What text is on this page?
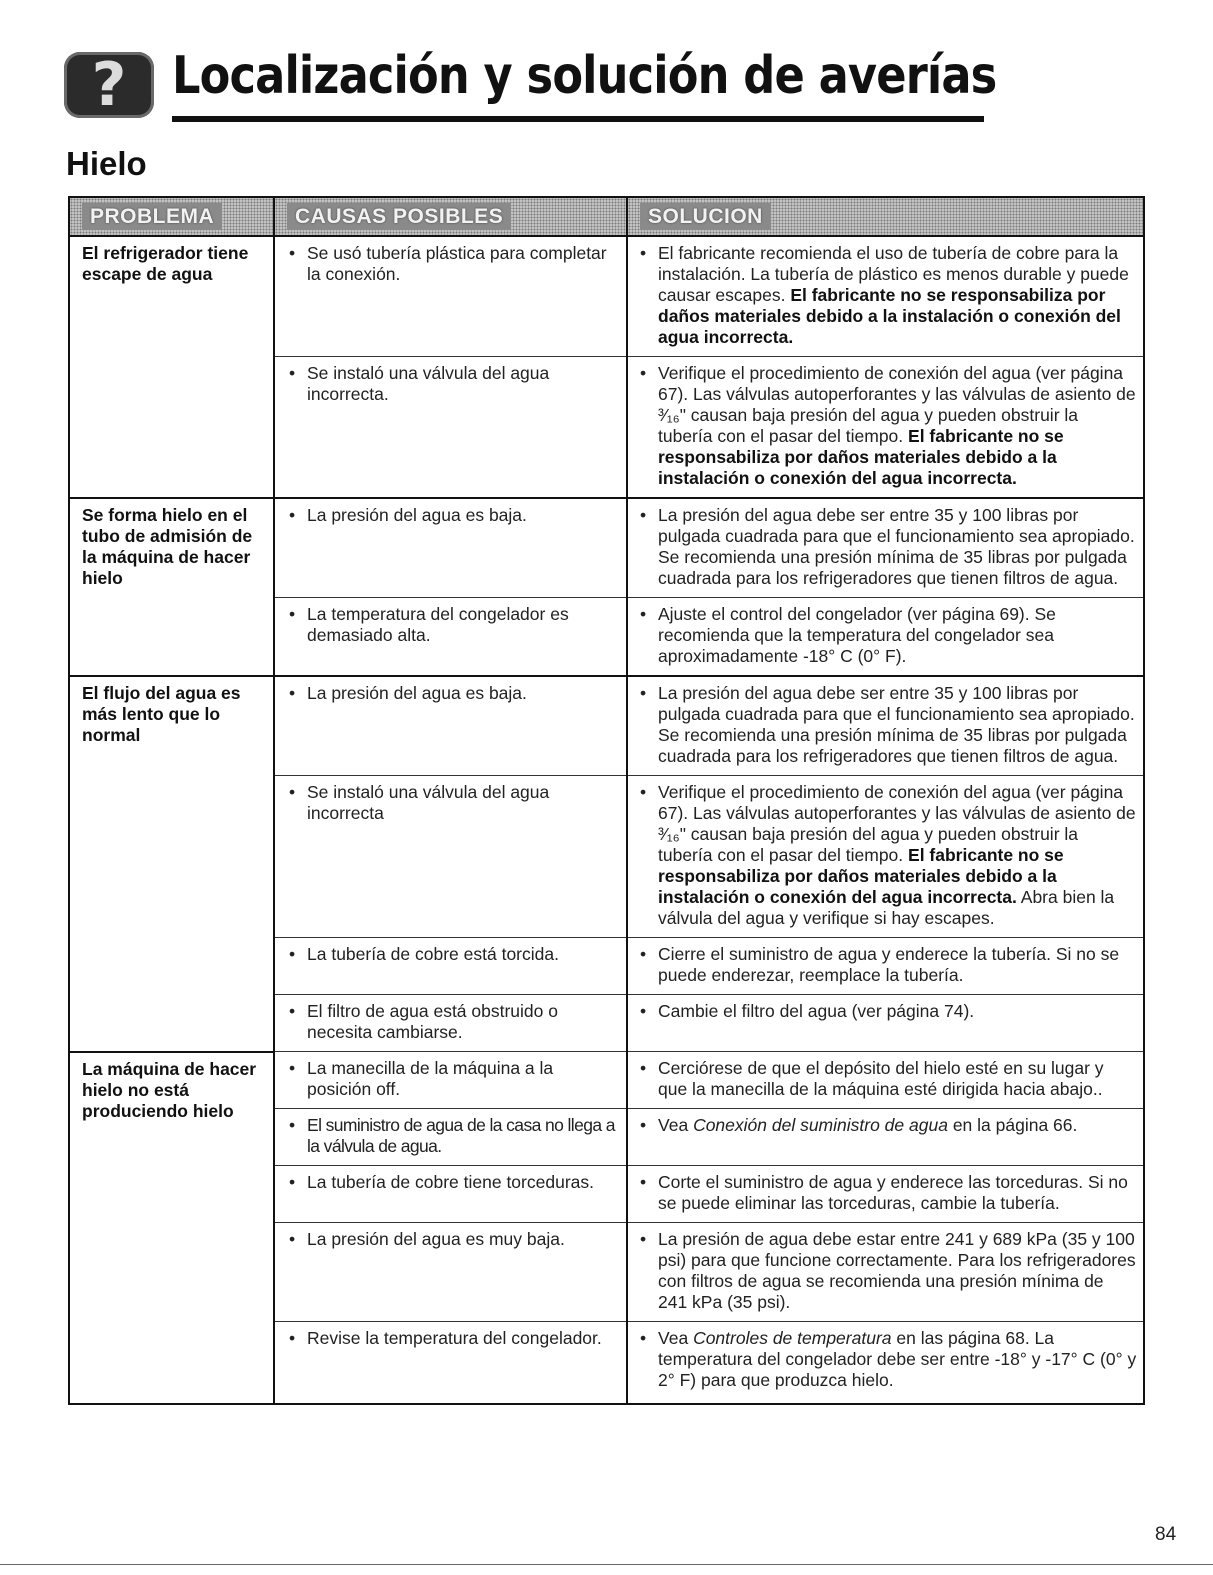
? Localización y solución de averías
Hielo
PROBLEMA	CAUSAS POSIBLES	SOLUCION
El refrigerador tiene escape de agua	• Se usó tubería plástica para completar la conexión.	• El fabricante recomienda el uso de tubería de cobre para la instalación. La tubería de plástico es menos durable y puede causar escapes. El fabricante no se responsabiliza por daños materiales debido a la instalación o conexión del agua incorrecta.

	• Se instaló una válvula del agua incorrecta.	• Verifique el procedimiento de conexión del agua (ver página 67). Las válvulas autoperforantes y las válvulas de asiento de ³⁄₁₆" causan baja presión del agua y pueden obstruir la tubería con el pasar del tiempo. El fabricante no se responsabiliza por daños materiales debido a la instalación o conexión del agua incorrecta.

Se forma hielo en el tubo de admisión de la máquina de hacer hielo	• La presión del agua es baja.	• La presión del agua debe ser entre 35 y 100 libras por pulgada cuadrada para que el funcionamiento sea apropiado. Se recomienda una presión mínima de 35 libras por pulgada cuadrada para los refrigeradores que tienen filtros de agua.

	• La temperatura del congelador es demasiado alta.	• Ajuste el control del congelador (ver página 69). Se recomienda que la temperatura del congelador sea aproximadamente -18° C (0° F).

El flujo del agua es más lento que lo normal	• La presión del agua es baja.	• La presión del agua debe ser entre 35 y 100 libras por pulgada cuadrada para que el funcionamiento sea apropiado. Se recomienda una presión mínima de 35 libras por pulgada cuadrada para los refrigeradores que tienen filtros de agua.

	• Se instaló una válvula del agua incorrecta	• Verifique el procedimiento de conexión del agua (ver página 67). Las válvulas autoperforantes y las válvulas de asiento de ³⁄₁₆" causan baja presión del agua y pueden obstruir la tubería con el pasar del tiempo. El fabricante no se responsabiliza por daños materiales debido a la instalación o conexión del agua incorrecta. Abra bien la válvula del agua y verifique si hay escapes.

	• La tubería de cobre está torcida.	• Cierre el suministro de agua y enderece la tubería. Si no se puede enderezar, reemplace la tubería.

	• El filtro de agua está obstruido o necesita cambiarse.	• Cambie el filtro del agua (ver página 74).

La máquina de hacer hielo no está produciendo hielo	• La manecilla de la máquina a la posición off.	• Cerciórese de que el depósito del hielo esté en su lugar y que la manecilla de la máquina esté dirigida hacia abajo..

	• El suministro de agua de la casa no llega a la válvula de agua.	• Vea Conexión del suministro de agua en la página 66.

	• La tubería de cobre tiene torceduras.	• Corte el suministro de agua y enderece las torceduras. Si no se puede eliminar las torceduras, cambie la tubería.

	• La presión del agua es muy baja.	• La presión de agua debe estar entre 241 y 689 kPa (35 y 100 psi) para que funcione correctamente. Para los refrigeradores con filtros de agua se recomienda una presión mínima de 241 kPa (35 psi).

	• Revise la temperatura del congelador.	• Vea Controles de temperatura en las página 68. La temperatura del congelador debe ser entre -18° y -17° C (0° y 2° F) para que produzca hielo.
84
